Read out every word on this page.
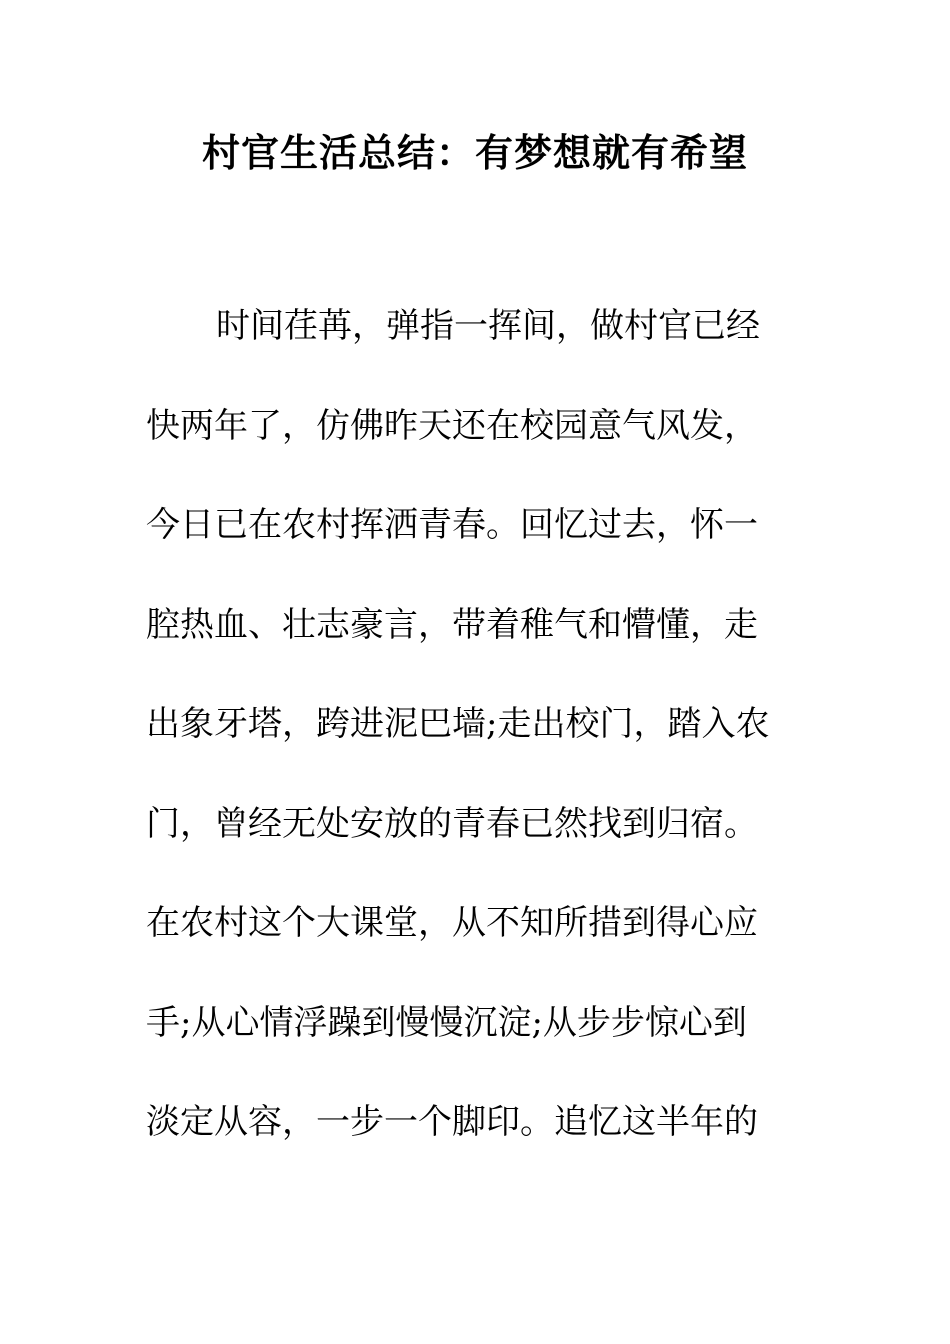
村官生活总结：有梦想就有希望
时间荏苒，弹指一挥间，做村官已经
快两年了，仿佛昨天还在校园意气风发，
今日已在农村挥洒青春。回忆过去，怀一
腔热血、壮志豪言，带着稚气和懵懂，走
出象牙塔，跨进泥巴墙;走出校门，踏入农
门，曾经无处安放的青春已然找到归宿。
在农村这个大课堂，从不知所措到得心应
手;从心情浮躁到慢慢沉淀;从步步惊心到
淡定从容，一步一个脚印。追忆这半年的
